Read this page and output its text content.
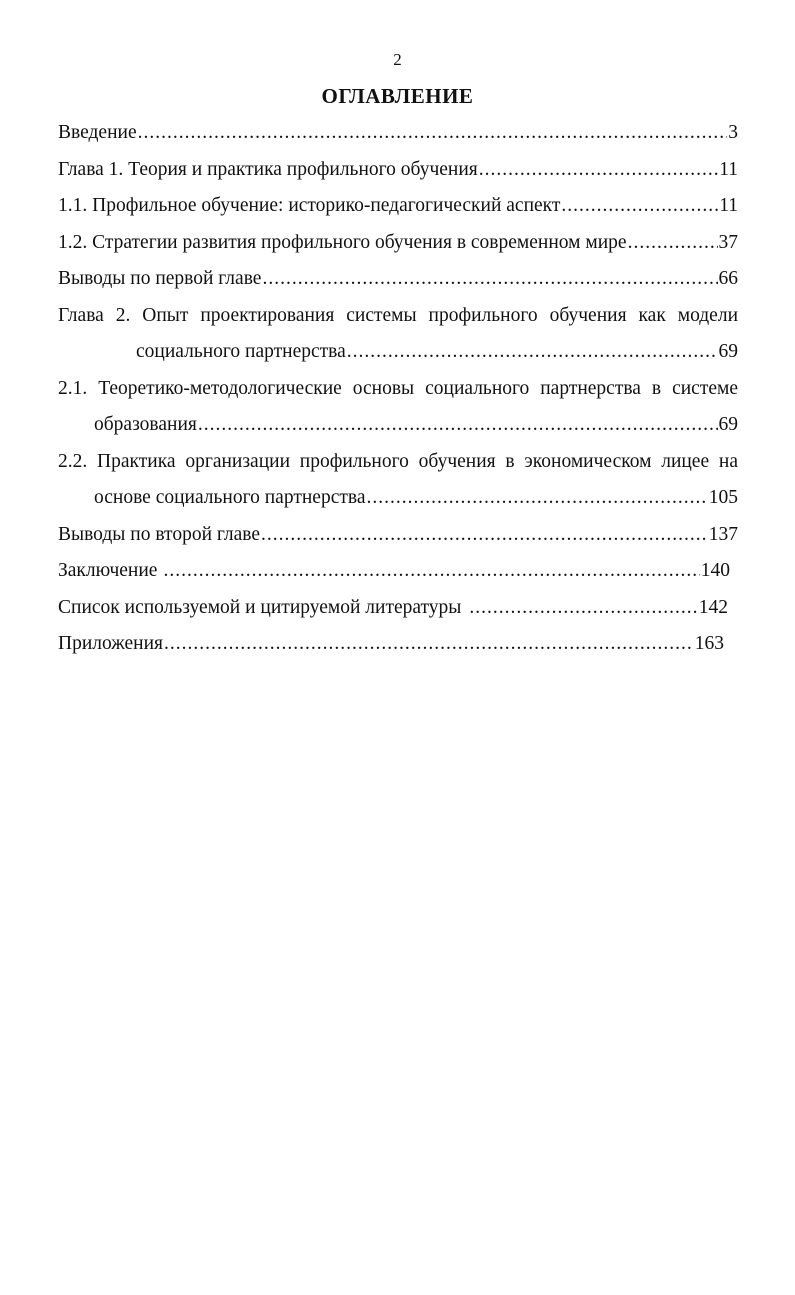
2
ОГЛАВЛЕНИЕ
Введение .....	3
Глава 1. Теория и практика профильного обучения .....	11
1.1. Профильное обучение: историко-педагогический аспект .....	11
1.2. Стратегии развития профильного обучения в современном мире .....	37
Выводы по первой главе .....	66
Глава 2. Опыт проектирования системы профильного обучения как модели
социального партнерства .....	69
2.1. Теоретико-методологические основы социального партнерства в системе
образования .....	69
2.2. Практика организации профильного обучения в экономическом лицее на
основе социального партнерства .....	105
Выводы по второй главе .....	137
Заключение .....	140
Список используемой и цитируемой литературы .....	142
Приложения .....	163
